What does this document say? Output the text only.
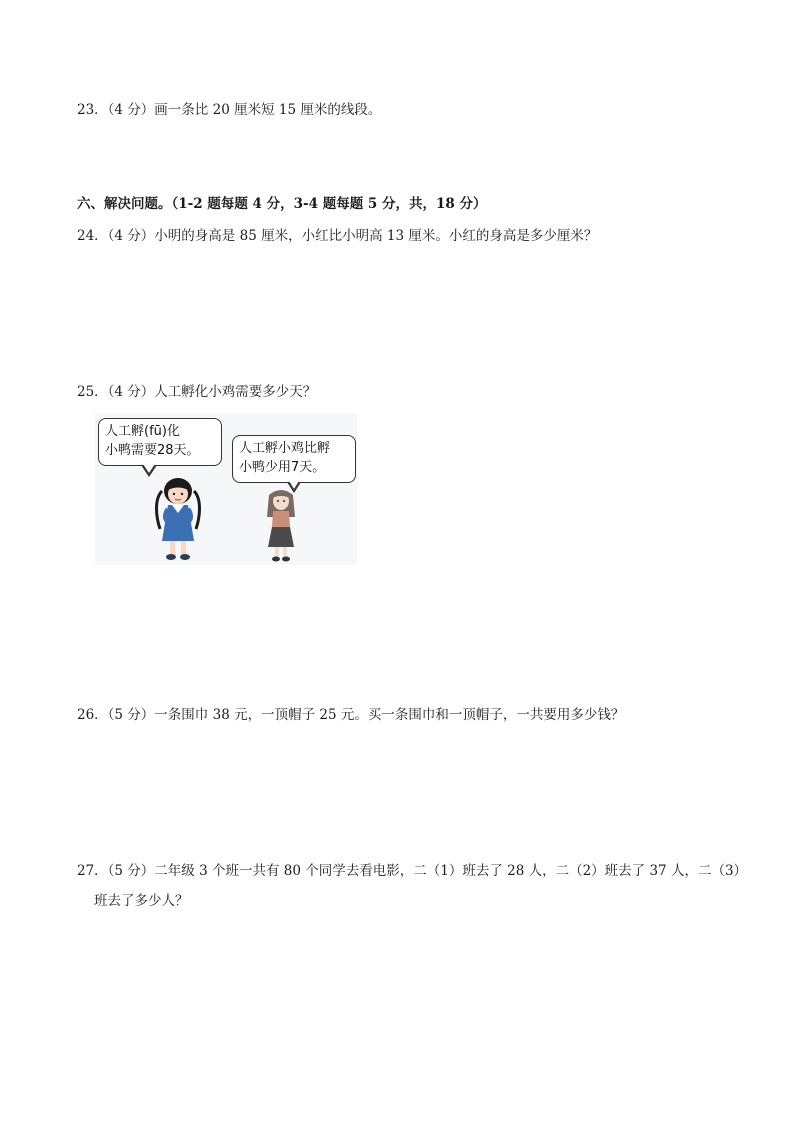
23．（4 分）画一条比 20 厘米短 15 厘米的线段。
六、解决问题。（1-2 题每题 4 分，3-4 题每题 5 分，共，18 分）
24．（4 分）小明的身高是 85 厘米，小红比小明高 13 厘米。小红的身高是多少厘米？
25．（4 分）人工孵化小鸡需要多少天？
人工孵(fū)化
小鸭需要28天。	人工孵小鸡比孵
小鸭少用7天。
26．（5 分）一条围巾 38 元，一顶帽子 25 元。买一条围巾和一顶帽子，一共要用多少钱？
27．（5 分）二年级 3 个班一共有 80 个同学去看电影，二（1）班去了 28 人，二（2）班去了 37 人，二（3）
班去了多少人？
